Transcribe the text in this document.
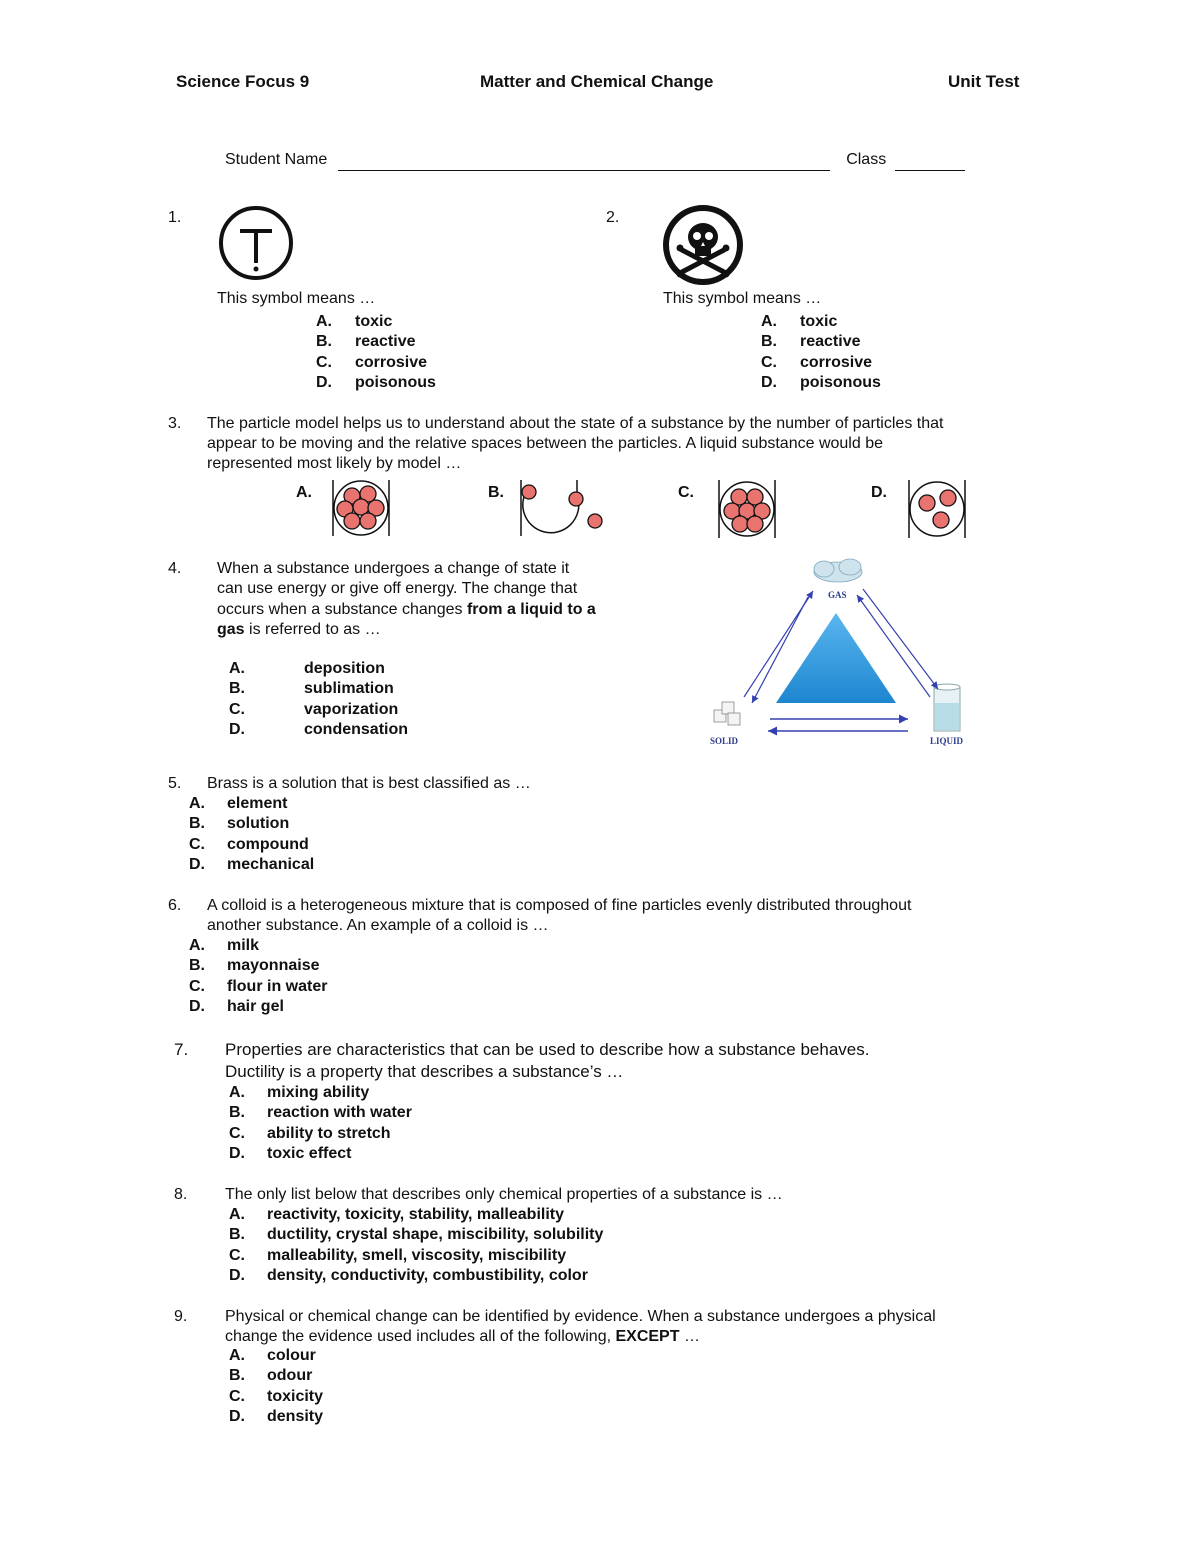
Science Focus 9	Matter and Chemical Change	Unit Test
Student Name	Class
1.
This symbol means …
A. toxic
B. reactive
C. corrosive
D. poisonous
2.
This symbol means …
A. toxic
B. reactive
C. corrosive
D. poisonous
3. The particle model helps us to understand about the state of a substance by the number of particles that
appear to be moving and the relative spaces between the particles. A liquid substance would be
represented most likely by model …
A.	B.	C.	D.
4. When a substance undergoes a change of state it
can use energy or give off energy. The change that
occurs when a substance changes from a liquid to a
gas is referred to as …
A.	deposition
B.	sublimation
C.	vaporization
D.	condensation
GAS
SOLID	LIQUID
5. Brass is a solution that is best classified as …
A. element
B. solution
C. compound
D. mechanical
6. A colloid is a heterogeneous mixture that is composed of fine particles evenly distributed throughout
another substance. An example of a colloid is …
A. milk
B. mayonnaise
C. flour in water
D. hair gel
7. Properties are characteristics that can be used to describe how a substance behaves.
Ductility is a property that describes a substance’s …
A. mixing ability
B. reaction with water
C. ability to stretch
D. toxic effect
8. The only list below that describes only chemical properties of a substance is …
A. reactivity, toxicity, stability, malleability
B. ductility, crystal shape, miscibility, solubility
C. malleability, smell, viscosity, miscibility
D. density, conductivity, combustibility, color
9. Physical or chemical change can be identified by evidence. When a substance undergoes a physical
change the evidence used includes all of the following, EXCEPT …
A. colour
B. odour
C. toxicity
D. density
